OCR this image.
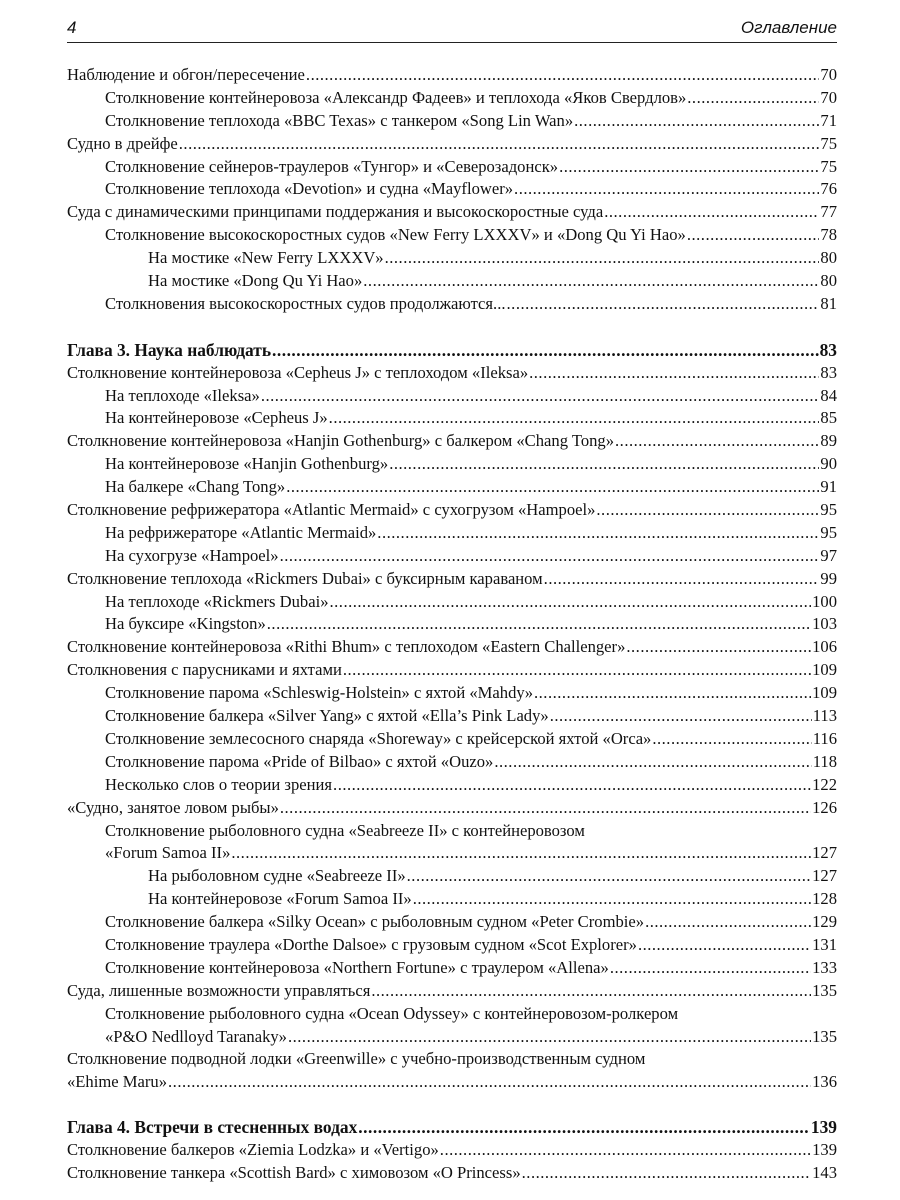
4	Оглавление
Наблюдение и обгон/пересечение .....	70
Столкновение контейнеровоза «Александр Фадеев» и теплохода «Яков Свердлов» .....	70
Столкновение теплохода «BBC Texas» с танкером «Song Lin Wan» .....	71
Судно в дрейфе .....	75
Столкновение сейнеров-траулеров «Тунгор» и «Северозадонск» .....	75
Столкновение теплохода «Devotion» и судна «Mayflower» .....	76
Суда с динамическими принципами поддержания и высокоскоростные суда .....	77
Столкновение высокоскоростных судов «New Ferry LXXXV» и «Dong Qu Yi Hao» .....	78
На мостике «New Ferry LXXXV» .....	80
На мостике «Dong Qu Yi Hao» .....	80
Столкновения высокоскоростных судов продолжаются... .....	81
Глава 3. Наука наблюдать .....	83
Столкновение контейнеровоза «Cepheus J» с теплоходом «Ileksa» .....	83
На теплоходе «Ileksa» .....	84
На контейнеровозе «Cepheus J» .....	85
Столкновение контейнеровоза «Hanjin Gothenburg» с балкером «Chang Tong» .....	89
На контейнеровозе «Hanjin Gothenburg» .....	90
На балкере «Chang Tong» .....	91
Столкновение рефрижератора «Atlantic Mermaid» с сухогрузом «Hampoel» .....	95
На рефрижераторе «Atlantic Mermaid» .....	95
На сухогрузе «Hampoel» .....	97
Столкновение теплохода «Rickmers Dubai» с буксирным караваном .....	99
На теплоходе «Rickmers Dubai» .....	100
На буксире «Kingston» .....	103
Столкновение контейнеровоза «Rithi Bhum» с теплоходом «Eastern Challenger» .....	106
Столкновения с парусниками и яхтами .....	109
Столкновение парома «Schleswig-Holstein» с яхтой «Mahdy» .....	109
Столкновение балкера «Silver Yang» с яхтой «Ella’s Pink Lady» .....	113
Столкновение землесосного снаряда «Shoreway» с крейсерской яхтой «Orca» .....	116
Столкновение парома «Pride of Bilbao» с яхтой «Ouzo» .....	118
Несколько слов о теории зрения .....	122
«Судно, занятое ловом рыбы» .....	126
Столкновение рыболовного судна «Seabreeze II» с контейнеровозом
«Forum Samoa II» .....	127
На рыболовном судне «Seabreeze II» .....	127
На контейнеровозе «Forum Samoa II» .....	128
Столкновение балкера «Silky Ocean» с рыболовным судном «Peter Crombie» .....	129
Столкновение траулера «Dorthe Dalsoe» с грузовым судном «Scot Explorer» .....	131
Столкновение контейнеровоза «Northern Fortune» с траулером «Allena» .....	133
Суда, лишенные возможности управляться .....	135
Столкновение рыболовного судна «Ocean Odyssey» с контейнеровозом-ролкером
«P&O Nedlloyd Taranaky» .....	135
Столкновение подводной лодки «Greenwille» с учебно-производственным судном
«Ehime Maru» .....	136
Глава 4. Встречи в стесненных водах .....	139
Столкновение балкеров «Ziemia Lodzka» и «Vertigo» .....	139
Столкновение танкера «Scottish Bard» с химовозом «O Princess» .....	143
